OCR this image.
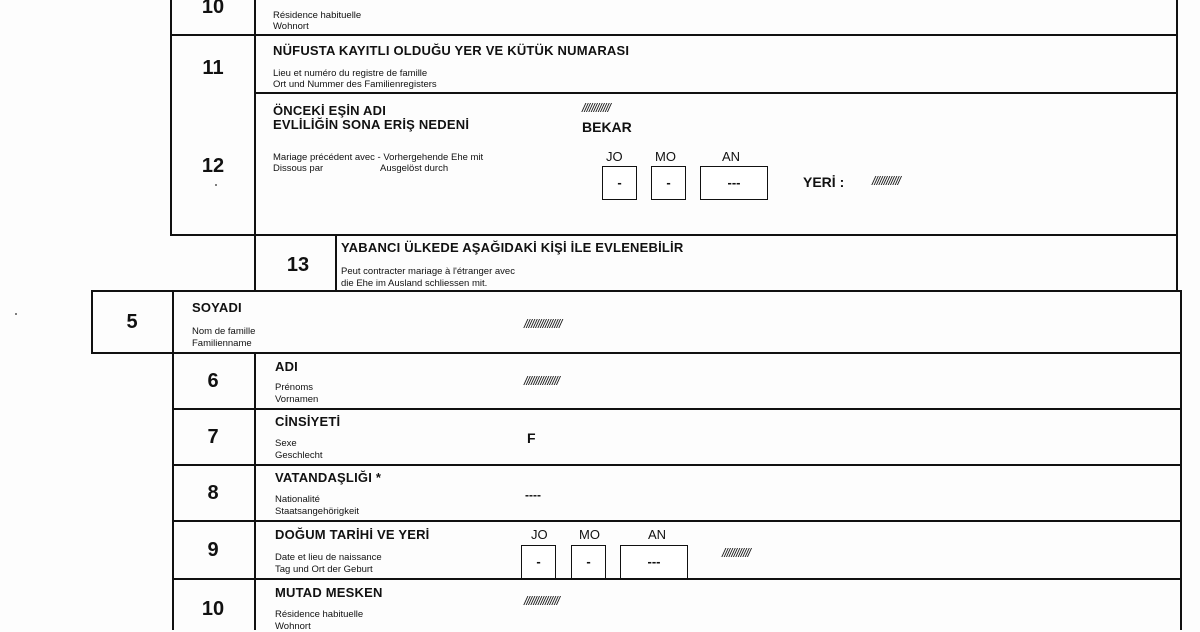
10	Résidence habituelle
Wohnort
11
NÜFUSTA KAYITLI OLDUĞU YER VE KÜTÜK NUMARASI
Lieu et numéro du registre de famille
Ort und Nummer des Familienregisters
12
ÖNCEKİ EŞİN ADI
EVLİLİĞİN SONA ERİŞ NEDENİ
////////////
BEKAR
Mariage précédent avec - Vorhergehende Ehe mit
Dissous par	Ausgelöst durch
JO MO	AN
-	-	---	YERİ : ////////////
13
YABANCI ÜLKEDE AŞAĞIDAKİ KİŞİ İLE EVLENEBİLİR
Peut contracter mariage à l'étranger avec
die Ehe im Ausland schliessen mit.
5
SOYADI
Nom de famille
Familienname
////////////////
6
ADI
Prénoms
Vornamen
///////////////
7
CİNSİYETİ
Sexe
Geschlecht
F
8
VATANDAŞLIĞI *
Nationalité
Staatsangehörigkeit
----
9
DOĞUM TARİHİ VE YERİ
Date et lieu de naissance
Tag und Ort der Geburt
JO MO	AN
-	-	---
////////////
10
MUTAD MESKEN
Résidence habituelle
Wohnort
///////////////
